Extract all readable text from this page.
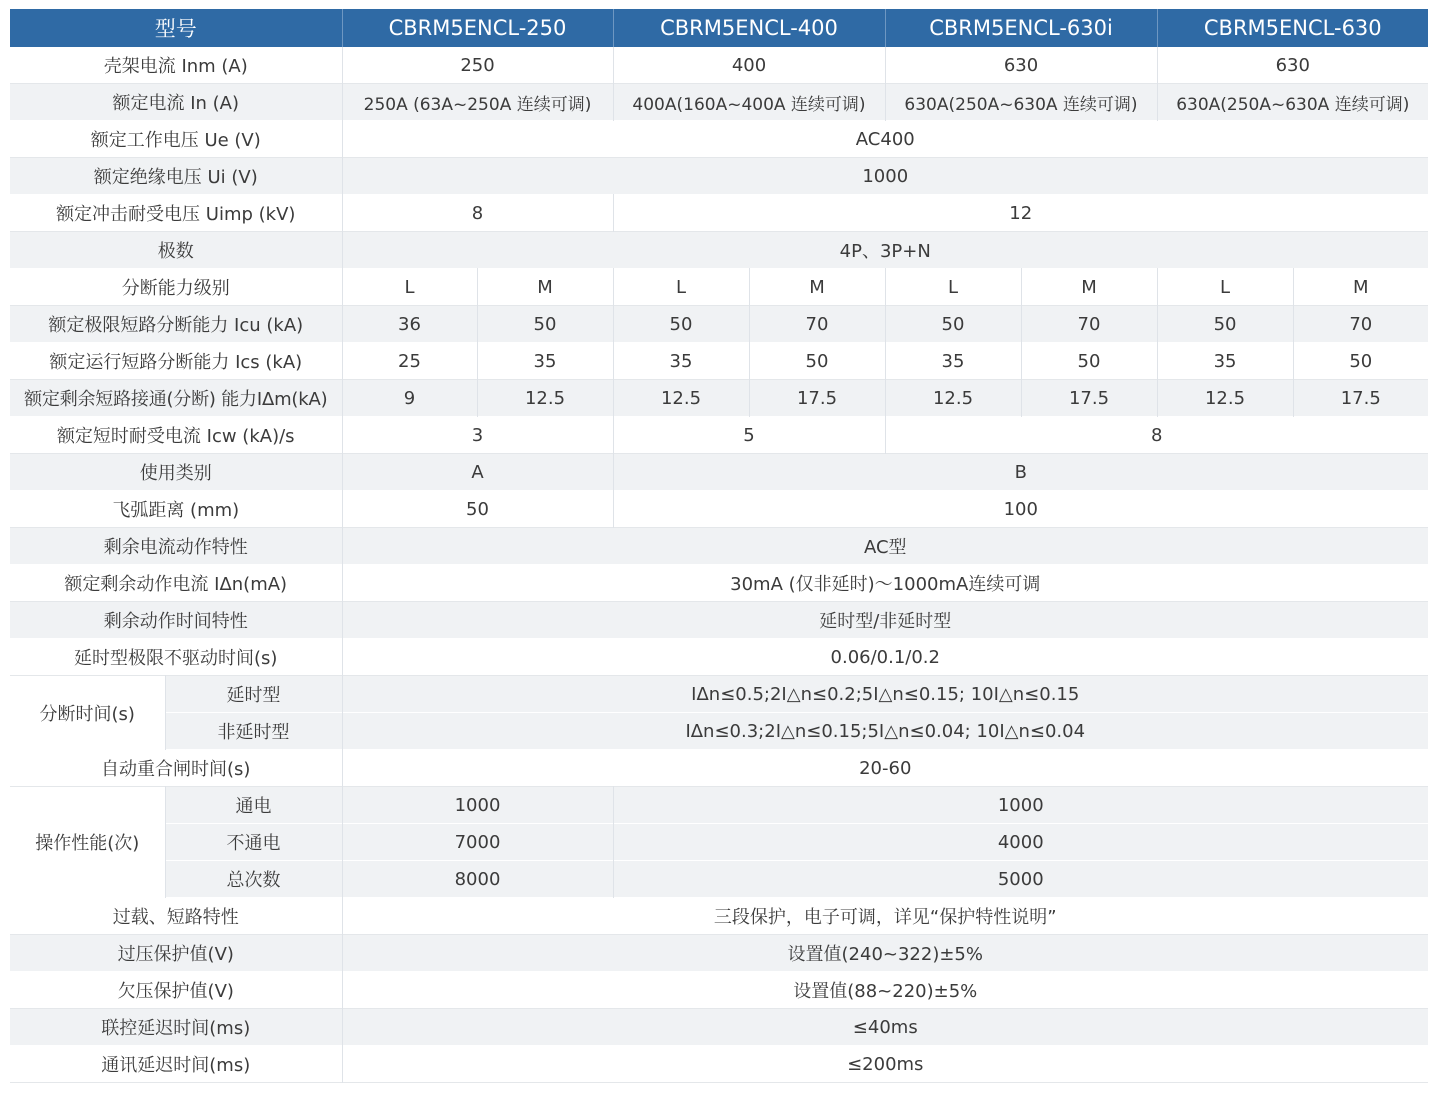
型号		CBRM5ENCL-250		CBRM5ENCL-400		CBRM5ENCL-630i		CBRM5ENCL-630	
壳架电流 Inm (A)		250		400		630		630	
额定电流 In (A)		250A (63A~250A 连续可调)		400A(160A~400A 连续可调)		630A(250A~630A 连续可调)		630A(250A~630A 连续可调)	
额定工作电压 Ue (V)		AC400							
额定绝缘电压 Ui (V)		1000							
额定冲击耐受电压 Uimp (kV)		8		12					
极数		4P、3P+N							
分断能力级别		L	M	L	M	L	M	L	M
额定极限短路分断能力 Icu (kA)		36	50	50	70	50	70	50	70
额定运行短路分断能力 Ics (kA)		25	35	35	50	35	50	35	50
额定剩余短路接通(分断) 能力IΔm(kA)		9	12.5	12.5	17.5	12.5	17.5	12.5	17.5
额定短时耐受电流 Icw (kA)/s		3		5		8			
使用类别		A		B					
飞弧距离 (mm)		50		100					
剩余电流动作特性		AC型							
额定剩余动作电流 IΔn(mA)		30mA (仅非延时)～1000mA连续可调							
剩余动作时间特性		延时型/非延时型							
延时型极限不驱动时间(s)		0.06/0.1/0.2							
分断时间(s)	延时型	IΔn≤0.5;2I△n≤0.2;5I△n≤0.15; 10I△n≤0.15							
	非延时型	IΔn≤0.3;2I△n≤0.15;5I△n≤0.04; 10I△n≤0.04							
自动重合闸时间(s)		20-60							
操作性能(次)	通电	1000		1000					
	不通电	7000		4000					
	总次数	8000		5000					
过载、短路特性		三段保护，电子可调，详见“保护特性说明”							
过压保护值(V)		设置值(240~322)±5%							
欠压保护值(V)		设置值(88~220)±5%							
联控延迟时间(ms)		≤40ms							
通讯延迟时间(ms)		≤200ms							
